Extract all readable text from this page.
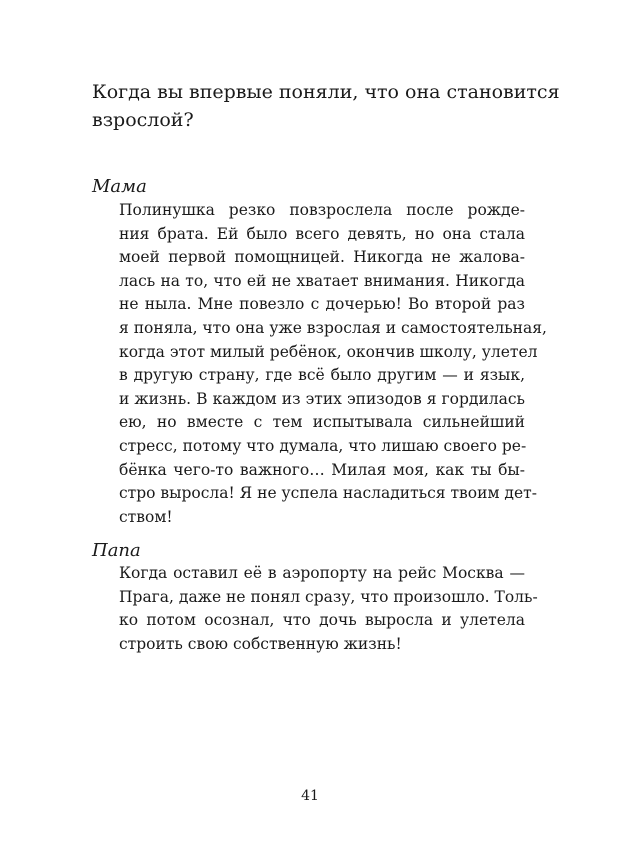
Когда вы впервые поняли, что она становится
взрослой?

Мама

Полинушка резко повзрослела после рожде-
ния брата. Ей было всего девять, но она стала
моей первой помощницей. Никогда не жалова-
лась на то, что ей не хватает внимания. Никогда
не ныла. Мне повезло с дочерью! Во второй раз
я поняла, что она уже взрослая и самостоятельная,
когда этот милый ребёнок, окончив школу, улетел
в другую страну, где всё было другим — и язык,
и жизнь. В каждом из этих эпизодов я гордилась
ею, но вместе с тем испытывала сильнейший
стресс, потому что думала, что лишаю своего ре-
бёнка чего-то важного… Милая моя, как ты бы-
стро выросла! Я не успела насладиться твоим дет-
ством!

Папа

Когда оставил её в аэропорту на рейс Москва —
Прага, даже не понял сразу, что произошло. Толь-
ко потом осознал, что дочь выросла и улетела
строить свою собственную жизнь!

41
